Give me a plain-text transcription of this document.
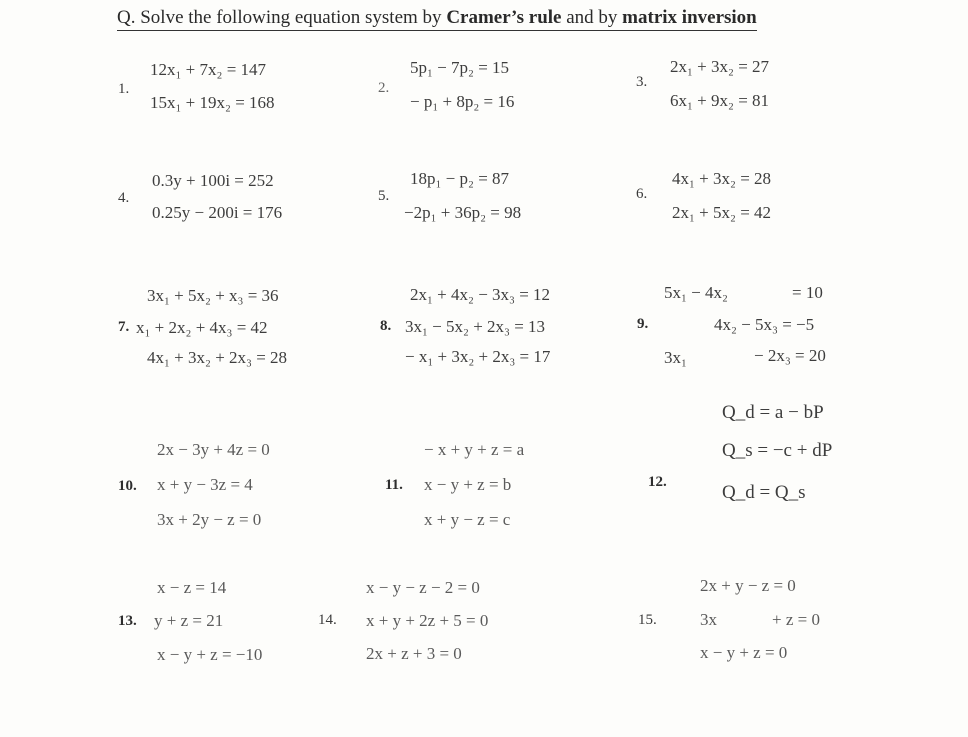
Q. Solve the following equation system by Cramer’s rule and by matrix inversion
1.
12x₁ + 7x₂ = 147
15x₁ + 19x₂ = 168
2.
5p₁ − 7p₂ = 15
− p₁ + 8p₂ = 16
3.
2x₁ + 3x₂ = 27
6x₁ + 9x₂ = 81
4.
0.3y + 100i = 252
0.25y − 200i = 176
5.
18p₁ − p₂ = 87
−2p₁ + 36p₂ = 98
6.
4x₁ + 3x₂ = 28
2x₁ + 5x₂ = 42
7.
3x₁ + 5x₂ + x₃ = 36
x₁ + 2x₂ + 4x₃ = 42
4x₁ + 3x₂ + 2x₃ = 28
8.
2x₁ + 4x₂ − 3x₃ = 12
3x₁ − 5x₂ + 2x₃ = 13
− x₁ + 3x₂ + 2x₃ = 17
9.
5x₁ − 4x₂	= 10
4x₂ − 5x₃ = −5
3x₁	− 2x₃ = 20
10.
2x − 3y + 4z = 0
x + y − 3z = 4
3x + 2y − z = 0
11.
− x + y + z = a
x − y + z = b
x + y − z = c
12.
Q_d = a − bP
Q_s = −c + dP
Q_d = Q_s
13.
x − z = 14
y + z = 21
x − y + z = −10
14.
x − y − z − 2 = 0
x + y + 2z + 5 = 0
2x + z + 3 = 0
15.
2x + y − z = 0
3x	+ z = 0
x − y + z = 0
